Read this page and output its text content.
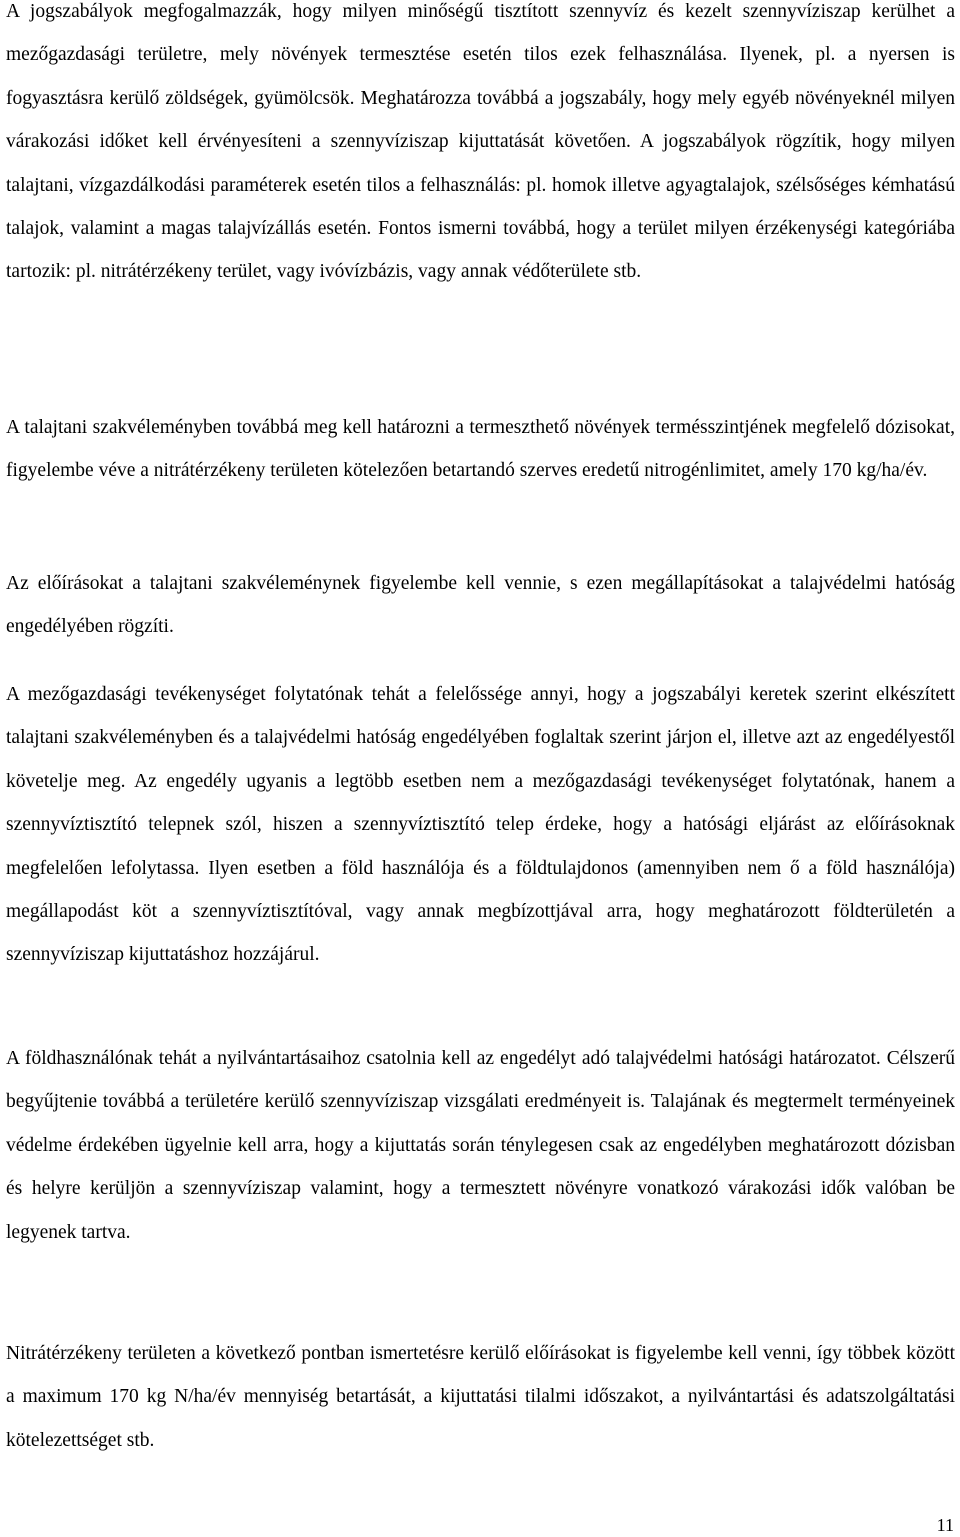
A jogszabályok megfogalmazzák, hogy milyen minőségű tisztított szennyvíz és kezelt szennyvíziszap kerülhet a mezőgazdasági területre, mely növények termesztése esetén tilos ezek felhasználása. Ilyenek, pl. a nyersen is fogyasztásra kerülő zöldségek, gyümölcsök. Meghatározza továbbá a jogszabály, hogy mely egyéb növényeknél milyen várakozási időket kell érvényesíteni a szennyvíziszap kijuttatását követően. A jogszabályok rögzítik, hogy milyen talajtani, vízgazdálkodási paraméterek esetén tilos a felhasználás: pl. homok illetve agyagtalajok, szélsőséges kémhatású talajok, valamint a magas talajvízállás esetén. Fontos ismerni továbbá, hogy a terület milyen érzékenységi kategóriába tartozik: pl. nitrátérzékeny terület, vagy ivóvízbázis, vagy annak védőterülete stb.

A talajtani szakvéleményben továbbá meg kell határozni a termeszthető növények termésszintjének megfelelő dózisokat, figyelembe véve a nitrátérzékeny területen kötelezően betartandó szerves eredetű nitrogénlimitet, amely 170 kg/ha/év.

Az előírásokat a talajtani szakvéleménynek figyelembe kell vennie, s ezen megállapításokat a talajvédelmi hatóság engedélyében rögzíti.

A mezőgazdasági tevékenységet folytatónak tehát a felelőssége annyi, hogy a jogszabályi keretek szerint elkészített talajtani szakvéleményben és a talajvédelmi hatóság engedélyében foglaltak szerint járjon el, illetve azt az engedélyestől követelje meg. Az engedély ugyanis a legtöbb esetben nem a mezőgazdasági tevékenységet folytatónak, hanem a szennyvíztisztító telepnek szól, hiszen a szennyvíztisztító telep érdeke, hogy a hatósági eljárást az előírásoknak megfelelően lefolytassa. Ilyen esetben a föld használója és a földtulajdonos (amennyiben nem ő a föld használója) megállapodást köt a szennyvíztisztítóval, vagy annak megbízottjával arra, hogy meghatározott földterületén a szennyvíziszap kijuttatáshoz hozzájárul.

A földhasználónak tehát a nyilvántartásaihoz csatolnia kell az engedélyt adó talajvédelmi hatósági határozatot. Célszerű begyűjtenie továbbá a területére kerülő szennyvíziszap vizsgálati eredményeit is. Talajának és megtermelt terményeinek védelme érdekében ügyelnie kell arra, hogy a kijuttatás során ténylegesen csak az engedélyben meghatározott dózisban és helyre kerüljön a szennyvíziszap valamint, hogy a termesztett növényre vonatkozó várakozási idők valóban be legyenek tartva.

Nitrátérzékeny területen a következő pontban ismertetésre kerülő előírásokat is figyelembe kell venni, így többek között a maximum 170 kg N/ha/év mennyiség betartását, a kijuttatási tilalmi időszakot, a nyilvántartási és adatszolgáltatási kötelezettséget stb.

11
